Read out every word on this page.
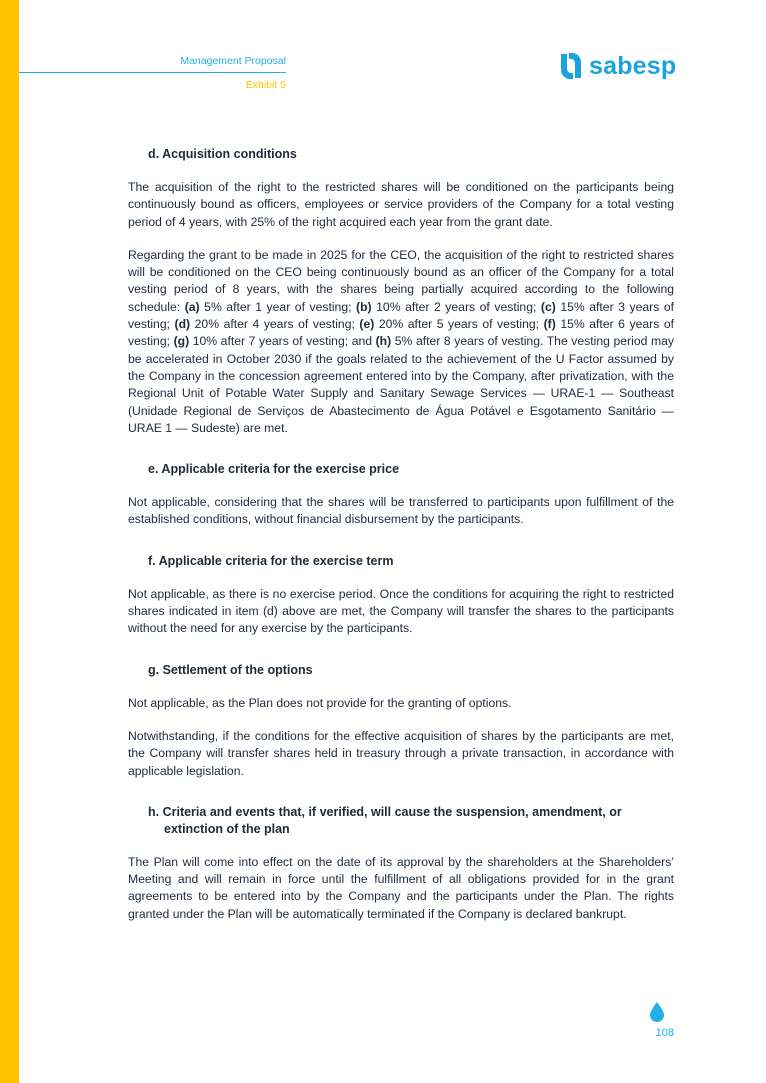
Management Proposal
Exhibit 5
sabesp
d. Acquisition conditions

The acquisition of the right to the restricted shares will be conditioned on the participants being continuously bound as officers, employees or service providers of the Company for a total vesting period of 4 years, with 25% of the right acquired each year from the grant date.

Regarding the grant to be made in 2025 for the CEO, the acquisition of the right to restricted shares will be conditioned on the CEO being continuously bound as an officer of the Company for a total vesting period of 8 years, with the shares being partially acquired according to the following schedule: (a) 5% after 1 year of vesting; (b) 10% after 2 years of vesting; (c) 15% after 3 years of vesting; (d) 20% after 4 years of vesting; (e) 20% after 5 years of vesting; (f) 15% after 6 years of vesting; (g) 10% after 7 years of vesting; and (h) 5% after 8 years of vesting. The vesting period may be accelerated in October 2030 if the goals related to the achievement of the U Factor assumed by the Company in the concession agreement entered into by the Company, after privatization, with the Regional Unit of Potable Water Supply and Sanitary Sewage Services — URAE-1 — Southeast (Unidade Regional de Serviços de Abastecimento de Água Potável e Esgotamento Sanitário — URAE 1 — Sudeste) are met.

e. Applicable criteria for the exercise price

Not applicable, considering that the shares will be transferred to participants upon fulfillment of the established conditions, without financial disbursement by the participants.

f. Applicable criteria for the exercise term

Not applicable, as there is no exercise period. Once the conditions for acquiring the right to restricted shares indicated in item (d) above are met, the Company will transfer the shares to the participants without the need for any exercise by the participants.

g. Settlement of the options

Not applicable, as the Plan does not provide for the granting of options.

Notwithstanding, if the conditions for the effective acquisition of shares by the participants are met, the Company will transfer shares held in treasury through a private transaction, in accordance with applicable legislation.

h. Criteria and events that, if verified, will cause the suspension, amendment, or extinction of the plan

The Plan will come into effect on the date of its approval by the shareholders at the Shareholders’ Meeting and will remain in force until the fulfillment of all obligations provided for in the grant agreements to be entered into by the Company and the participants under the Plan. The rights granted under the Plan will be automatically terminated if the Company is declared bankrupt.

108
